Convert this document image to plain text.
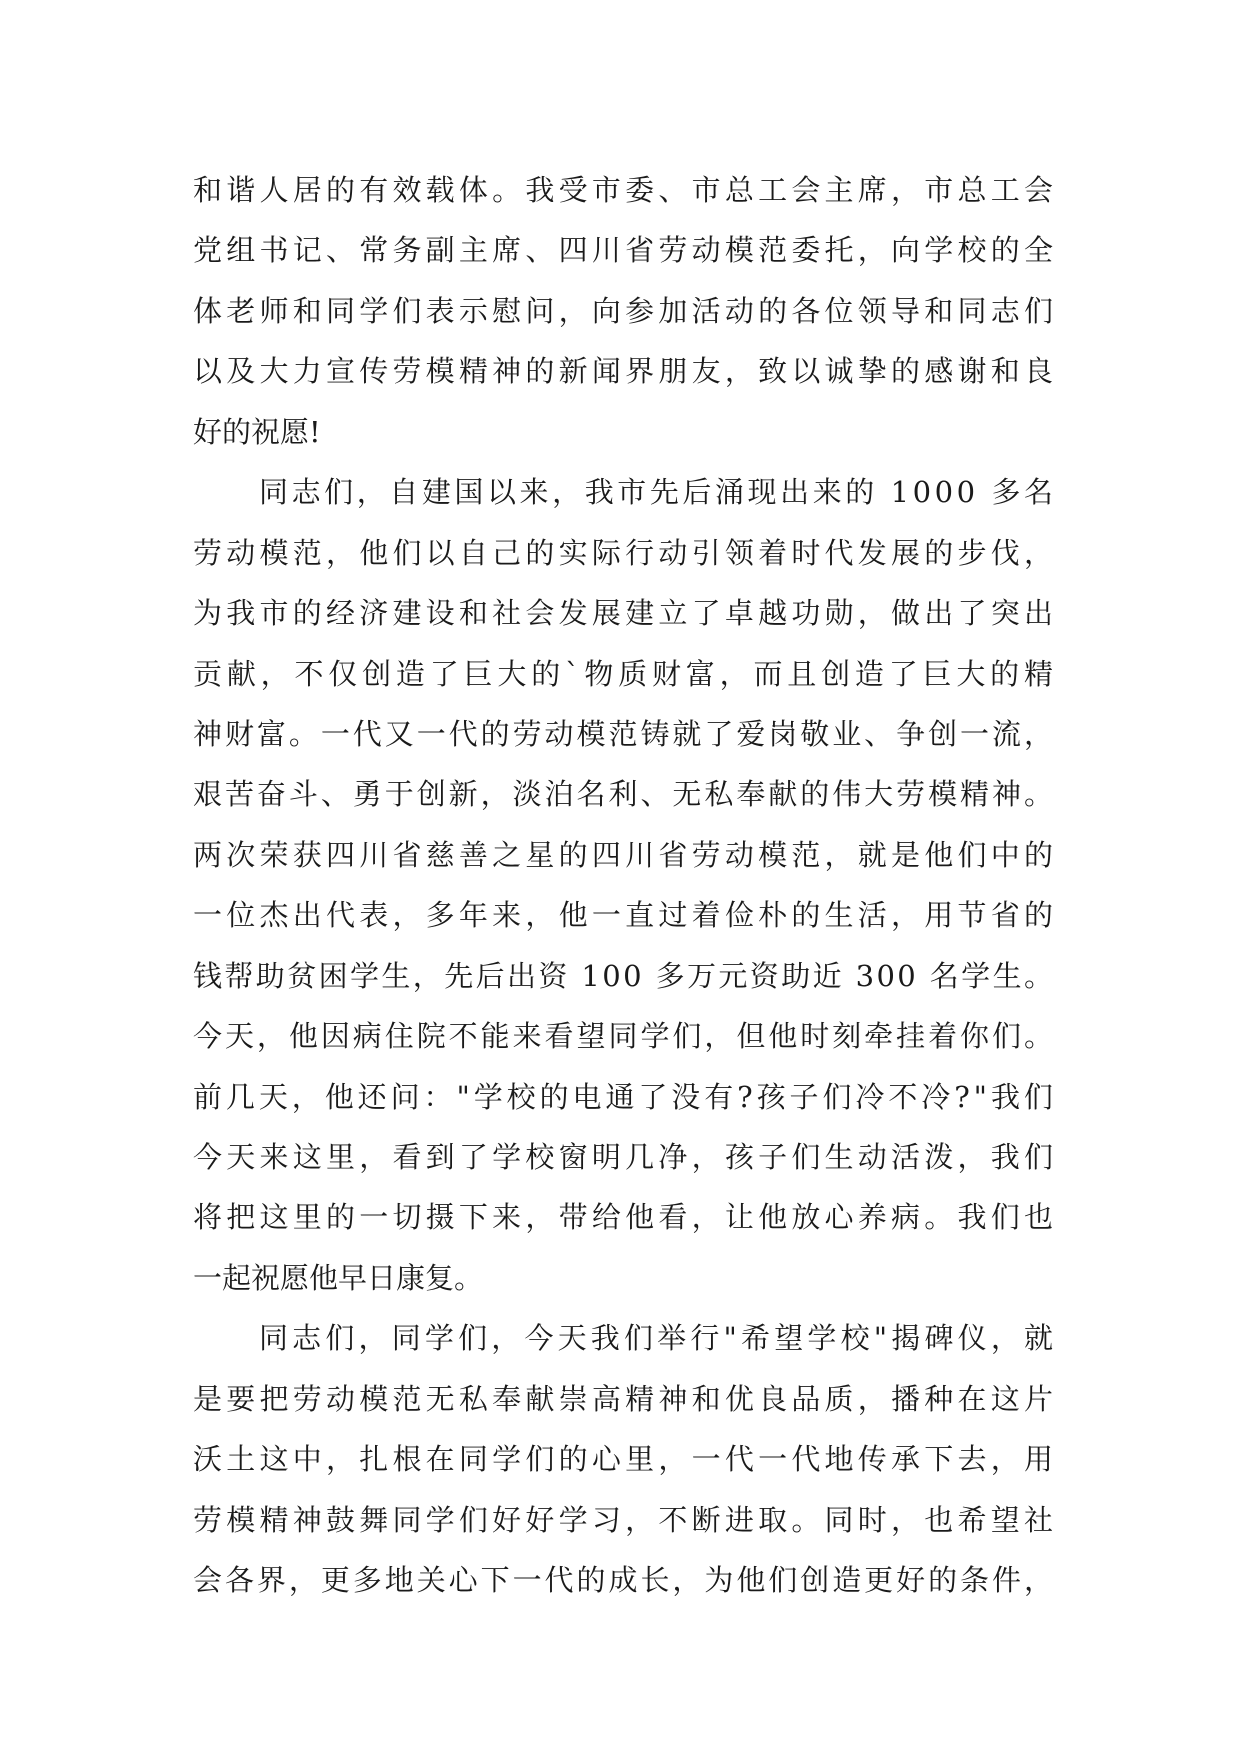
和谐人居的有效载体。我受市委、市总工会主席，市总工会
党组书记、常务副主席、四川省劳动模范委托，向学校的全
体老师和同学们表示慰问，向参加活动的各位领导和同志们
以及大力宣传劳模精神的新闻界朋友，致以诚挚的感谢和良
好的祝愿!
同志们，自建国以来，我市先后涌现出来的 1000 多名
劳动模范，他们以自己的实际行动引领着时代发展的步伐，
为我市的经济建设和社会发展建立了卓越功勋，做出了突出
贡献，不仅创造了巨大的`物质财富，而且创造了巨大的精
神财富。一代又一代的劳动模范铸就了爱岗敬业、争创一流，
艰苦奋斗、勇于创新，淡泊名利、无私奉献的伟大劳模精神。
两次荣获四川省慈善之星的四川省劳动模范，就是他们中的
一位杰出代表，多年来，他一直过着俭朴的生活，用节省的
钱帮助贫困学生，先后出资 100 多万元资助近 300 名学生。
今天，他因病住院不能来看望同学们，但他时刻牵挂着你们。
前几天，他还问："学校的电通了没有?孩子们冷不冷?"我们
今天来这里，看到了学校窗明几净，孩子们生动活泼，我们
将把这里的一切摄下来，带给他看，让他放心养病。我们也
一起祝愿他早日康复。
同志们，同学们，今天我们举行"希望学校"揭碑仪，就
是要把劳动模范无私奉献崇高精神和优良品质，播种在这片
沃土这中，扎根在同学们的心里，一代一代地传承下去，用
劳模精神鼓舞同学们好好学习，不断进取。同时，也希望社
会各界，更多地关心下一代的成长，为他们创造更好的条件，
